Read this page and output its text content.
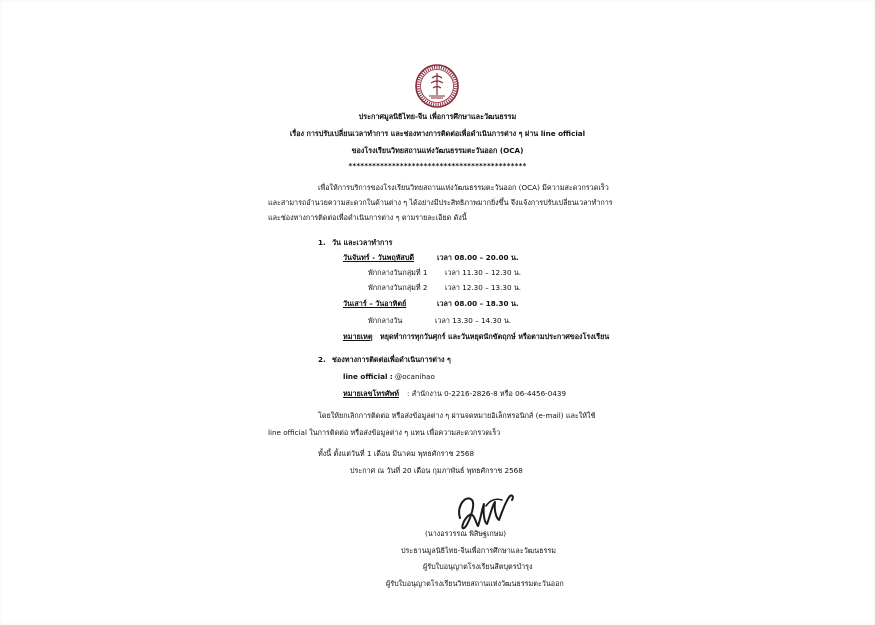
ประกาศมูลนิธิไทย-จีน เพื่อการศึกษาและวัฒนธรรม
เรื่อง การปรับเปลี่ยนเวลาทำการ และช่องทางการติดต่อเพื่อดำเนินการต่าง ๆ ผ่าน line official
ของโรงเรียนวิทยสถานแห่งวัฒนธรรมตะวันออก (OCA)
*********************************************
เพื่อให้การบริการของโรงเรียนวิทยสถานแห่งวัฒนธรรมตะวันออก (OCA) มีความสะดวกรวดเร็ว
และสามารถอำนวยความสะดวกในด้านต่าง ๆ ได้อย่างมีประสิทธิภาพมากยิ่งขึ้น จึงแจ้งการปรับเปลี่ยนเวลาทำการ
และช่องทางการติดต่อเพื่อดำเนินการต่าง ๆ ตามรายละเอียด ดังนี้
1. วัน และเวลาทำการ
วันจันทร์ - วันพฤหัสบดี	เวลา 08.00 – 20.00 น.
พักกลางวันกลุ่มที่ 1 เวลา 11.30 – 12.30 น.
พักกลางวันกลุ่มที่ 2 เวลา 12.30 – 13.30 น.
วันเสาร์ – วันอาทิตย์	เวลา 08.00 – 18.30 น.
พักกลางวัน	เวลา 13.30 – 14.30 น.
หมายเหตุ หยุดทำการทุกวันศุกร์ และวันหยุดนักขัตฤกษ์ หรือตามประกาศของโรงเรียน
2. ช่องทางการติดต่อเพื่อดำเนินการต่าง ๆ
line official : @ocanihao
หมายเลขโทรศัพท์ : สำนักงาน 0-2216-2826-8 หรือ 06-4456-0439
โดยให้ยกเลิกการติดต่อ หรือส่งข้อมูลต่าง ๆ ผ่านจดหมายอิเล็กทรอนิกส์ (e-mail) และให้ใช้
line official ในการติดต่อ หรือส่งข้อมูลต่าง ๆ แทน เพื่อความสะดวกรวดเร็ว
ทั้งนี้ ตั้งแต่วันที่ 1 เดือน มีนาคม พุทธศักราช 2568
ประกาศ ณ วันที่ 20 เดือน กุมภาพันธ์ พุทธศักราช 2568
(นางอรวรรณ พิสิษฐเกษม)
ประธานมูลนิธิไทย-จีนเพื่อการศึกษาและวัฒนธรรม
ผู้รับใบอนุญาตโรงเรียนสีตบุตรบำรุง
ผู้รับใบอนุญาตโรงเรียนวิทยสถานแห่งวัฒนธรรมตะวันออก
